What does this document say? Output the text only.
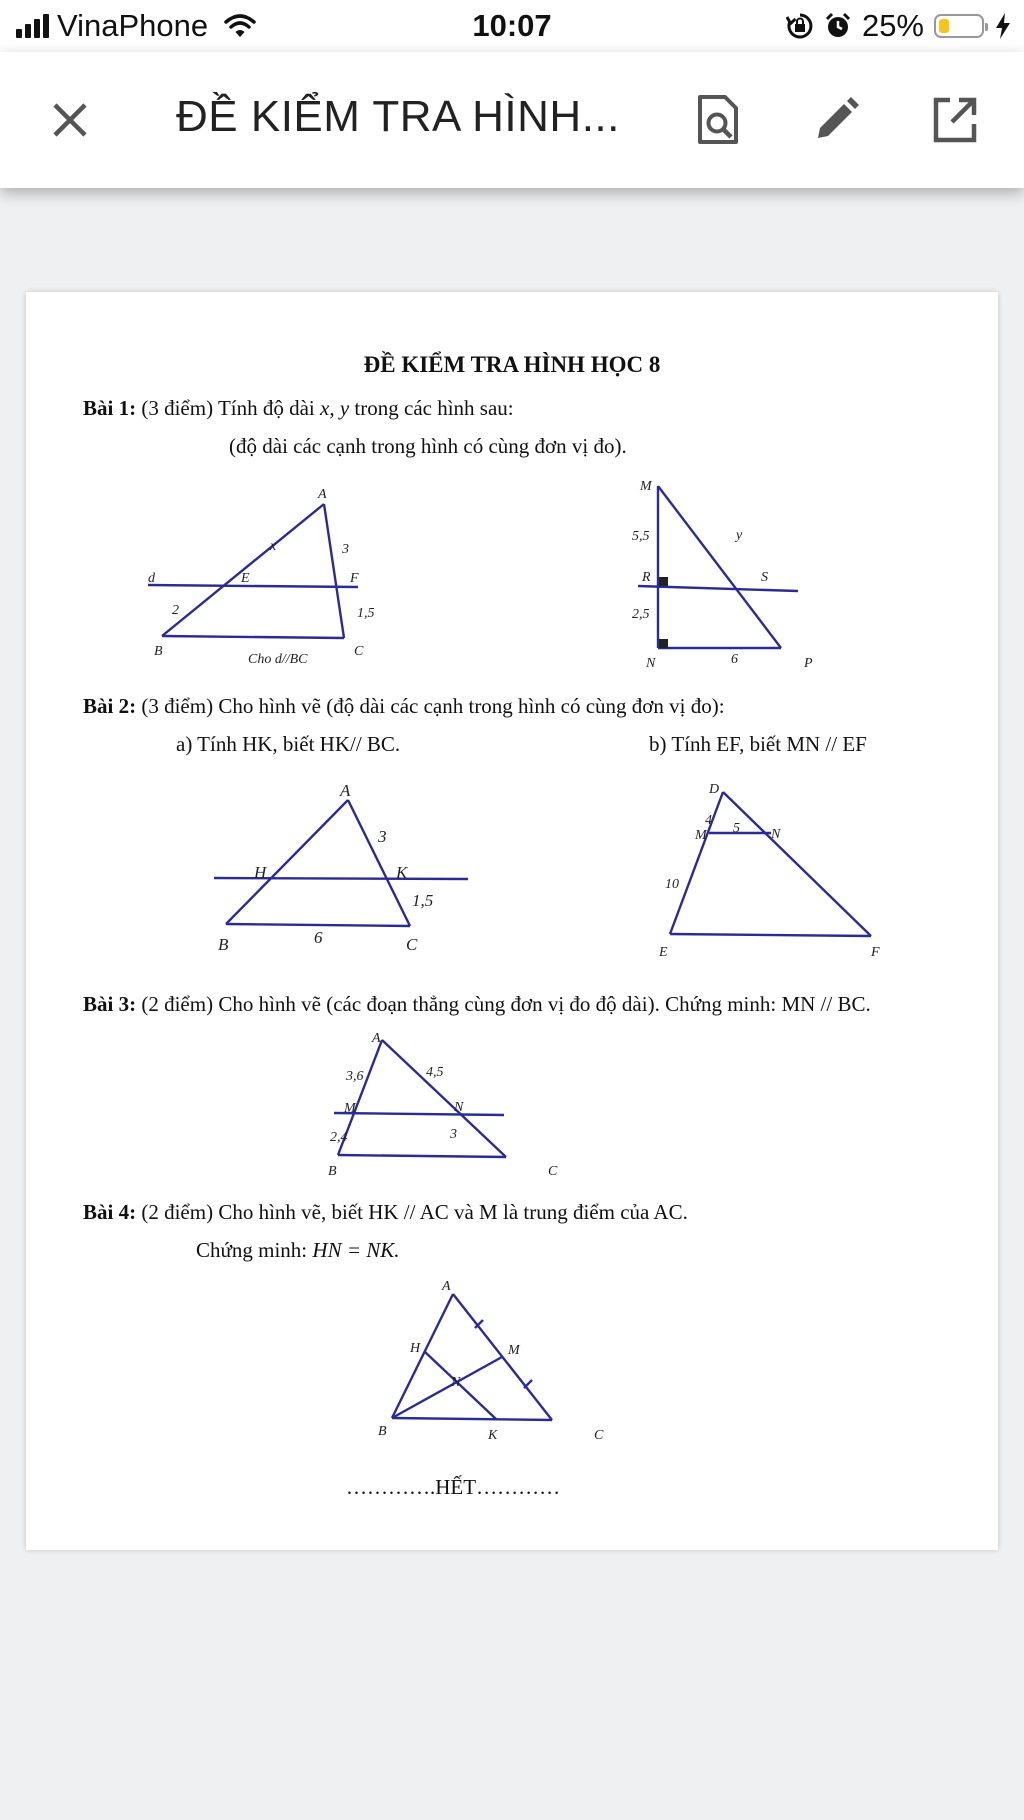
VinaPhone	10:07	25%
ĐỀ KIỂM TRA HÌNH...
ĐỀ KIỂM TRA HÌNH HỌC 8
Bài 1: (3 điểm) Tính độ dài x, y trong các hình sau:
(độ dài các cạnh trong hình có cùng đơn vị đo).
A
x	3
d	E	F
2	1,5
B	C
Cho d//BC
M
5,5	y
R	S
2,5
N	6	P
Bài 2: (3 điểm) Cho hình vẽ (độ dài các cạnh trong hình có cùng đơn vị đo):
a) Tính HK, biết HK// BC.	b) Tính EF, biết MN // EF
A
3
H	K
1,5
B	6	C
D
4
M 5 N
10
E	F
Bài 3: (2 điểm) Cho hình vẽ (các đoạn thẳng cùng đơn vị đo độ dài). Chứng minh: MN // BC.
A
3,6	4,5
M	N
2,4	3
B	C
Bài 4: (2 điểm) Cho hình vẽ, biết HK // AC và M là trung điểm của AC.
Chứng minh: HN = NK.
A
H	M
N
B	K	C
………….HẾT…………
